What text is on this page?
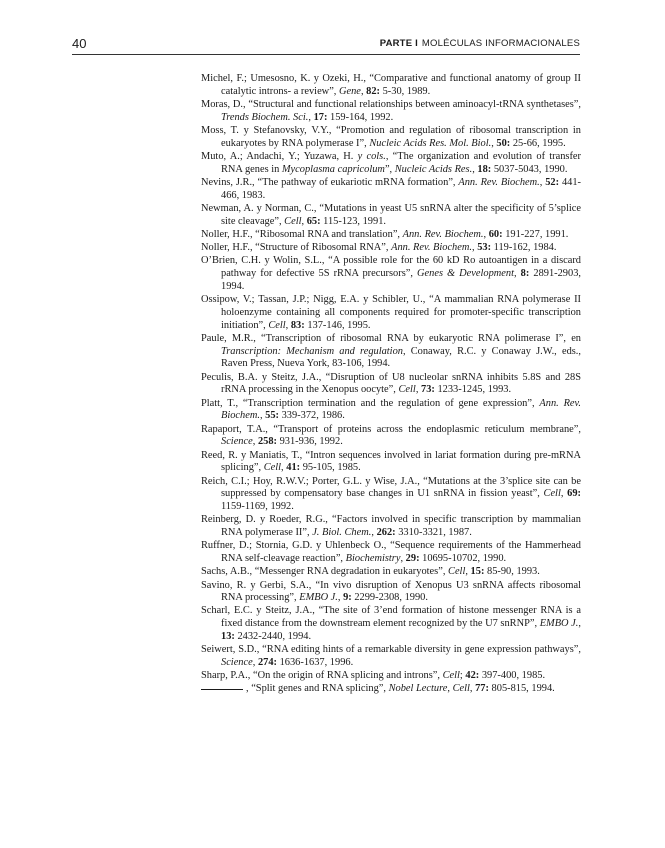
40	PARTE I MOLÉCULAS INFORMACIONALES
Michel, F.; Umesosno, K. y Ozeki, H., “Comparative and functional anatomy of group II catalytic introns- a review”, Gene, 82: 5-30, 1989.
Moras, D., “Structural and functional relationships between aminoacyl-tRNA synthetases”, Trends Biochem. Sci., 17: 159-164, 1992.
Moss, T. y Stefanovsky, V.Y., “Promotion and regulation of ribosomal transcription in eukaryotes by RNA polymerase I”, Nucleic Acids Res. Mol. Biol., 50: 25-66, 1995.
Muto, A.; Andachi, Y.; Yuzawa, H. y cols., “The organization and evolution of transfer RNA genes in Mycoplasma capricolum”, Nucleic Acids Res., 18: 5037-5043, 1990.
Nevins, J.R., “The pathway of eukariotic mRNA formation”, Ann. Rev. Biochem., 52: 441-466, 1983.
Newman, A. y Norman, C., “Mutations in yeast U5 snRNA alter the specificity of 5’splice site cleavage”, Cell, 65: 115-123, 1991.
Noller, H.F., “Ribosomal RNA and translation”, Ann. Rev. Biochem., 60: 191-227, 1991.
Noller, H.F., “Structure of Ribosomal RNA”, Ann. Rev. Biochem., 53: 119-162, 1984.
O’Brien, C.H. y Wolin, S.L., “A possible role for the 60 kD Ro autoantigen in a discard pathway for defective 5S rRNA precursors”, Genes & Development, 8: 2891-2903, 1994.
Ossipow, V.; Tassan, J.P.; Nigg, E.A. y Schibler, U., “A mammalian RNA polymerase II holoenzyme containing all components required for promoter-specific transcription initiation”, Cell, 83: 137-146, 1995.
Paule, M.R., “Transcription of ribosomal RNA by eukaryotic RNA polimerase I”, en Transcription: Mechanism and regulation, Conaway, R.C. y Conaway J.W., eds., Raven Press, Nueva York, 83-106, 1994.
Peculis, B.A. y Steitz, J.A., “Disruption of U8 nucleolar snRNA inhibits 5.8S and 28S rRNA processing in the Xenopus oocyte”, Cell, 73: 1233-1245, 1993.
Platt, T., “Transcription termination and the regulation of gene expression”, Ann. Rev. Biochem., 55: 339-372, 1986.
Rapaport, T.A., “Transport of proteins across the endoplasmic reticulum membrane”, Science, 258: 931-936, 1992.
Reed, R. y Maniatis, T., “Intron sequences involved in lariat formation during pre-mRNA splicing”, Cell, 41: 95-105, 1985.
Reich, C.I.; Hoy, R.W.V.; Porter, G.L. y Wise, J.A., “Mutations at the 3’splice site can be suppressed by compensatory base changes in U1 snRNA in fission yeast”, Cell, 69: 1159-1169, 1992.
Reinberg, D. y Roeder, R.G., “Factors involved in specific transcription by mammalian RNA polymerase II”, J. Biol. Chem., 262: 3310-3321, 1987.
Ruffner, D.; Stornia, G.D. y Uhlenbeck O., “Sequence requirements of the Hammerhead RNA self-cleavage reaction”, Biochemistry, 29: 10695-10702, 1990.
Sachs, A.B., “Messenger RNA degradation in eukaryotes”, Cell, 15: 85-90, 1993.
Savino, R. y Gerbi, S.A., “In vivo disruption of Xenopus U3 snRNA affects ribosomal RNA processing”, EMBO J., 9: 2299-2308, 1990.
Scharl, E.C. y Steitz, J.A., “The site of 3’end formation of histone messenger RNA is a fixed distance from the downstream element recognized by the U7 snRNP”, EMBO J., 13: 2432-2440, 1994.
Seiwert, S.D., “RNA editing hints of a remarkable diversity in gene expression pathways”, Science, 274: 1636-1637, 1996.
Sharp, P.A., “On the origin of RNA splicing and introns”, Cell; 42: 397-400, 1985.
, “Split genes and RNA splicing”, Nobel Lecture, Cell, 77: 805-815, 1994.
